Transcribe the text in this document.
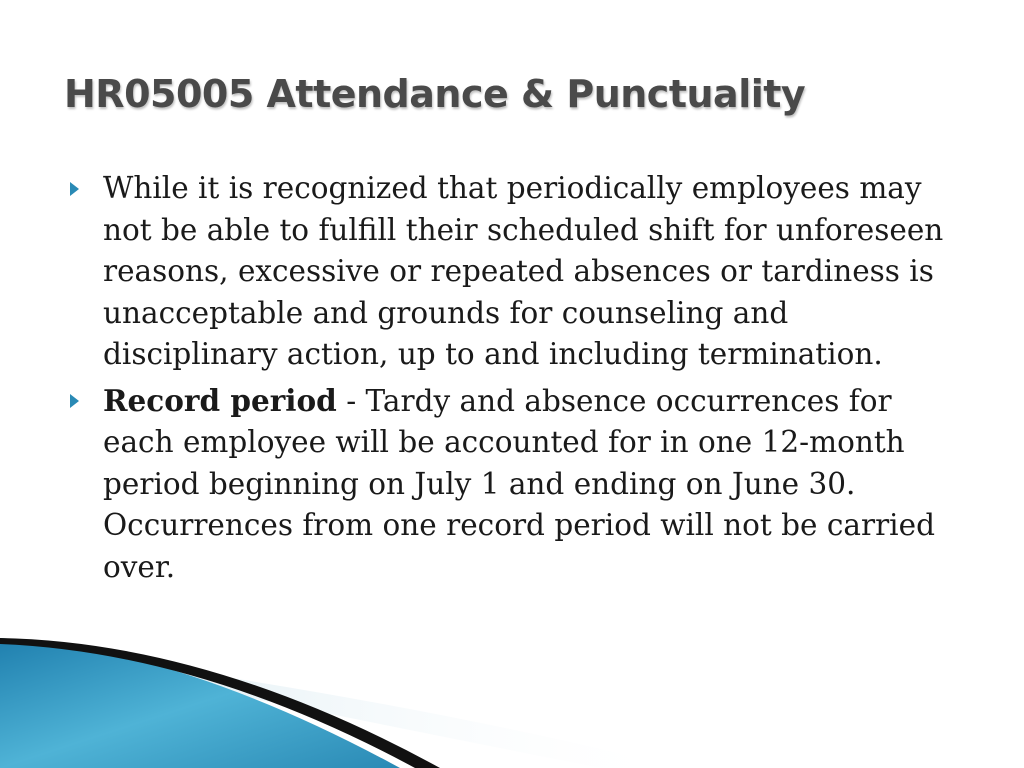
HR05005 Attendance & Punctuality

While it is recognized that periodically employees may not be able to fulfill their scheduled shift for unforeseen reasons, excessive or repeated absences or tardiness is unacceptable and grounds for counseling and disciplinary action, up to and including termination.

Record period - Tardy and absence occurrences for each employee will be accounted for in one 12-month period beginning on July 1 and ending on June 30. Occurrences from one record period will not be carried over.
